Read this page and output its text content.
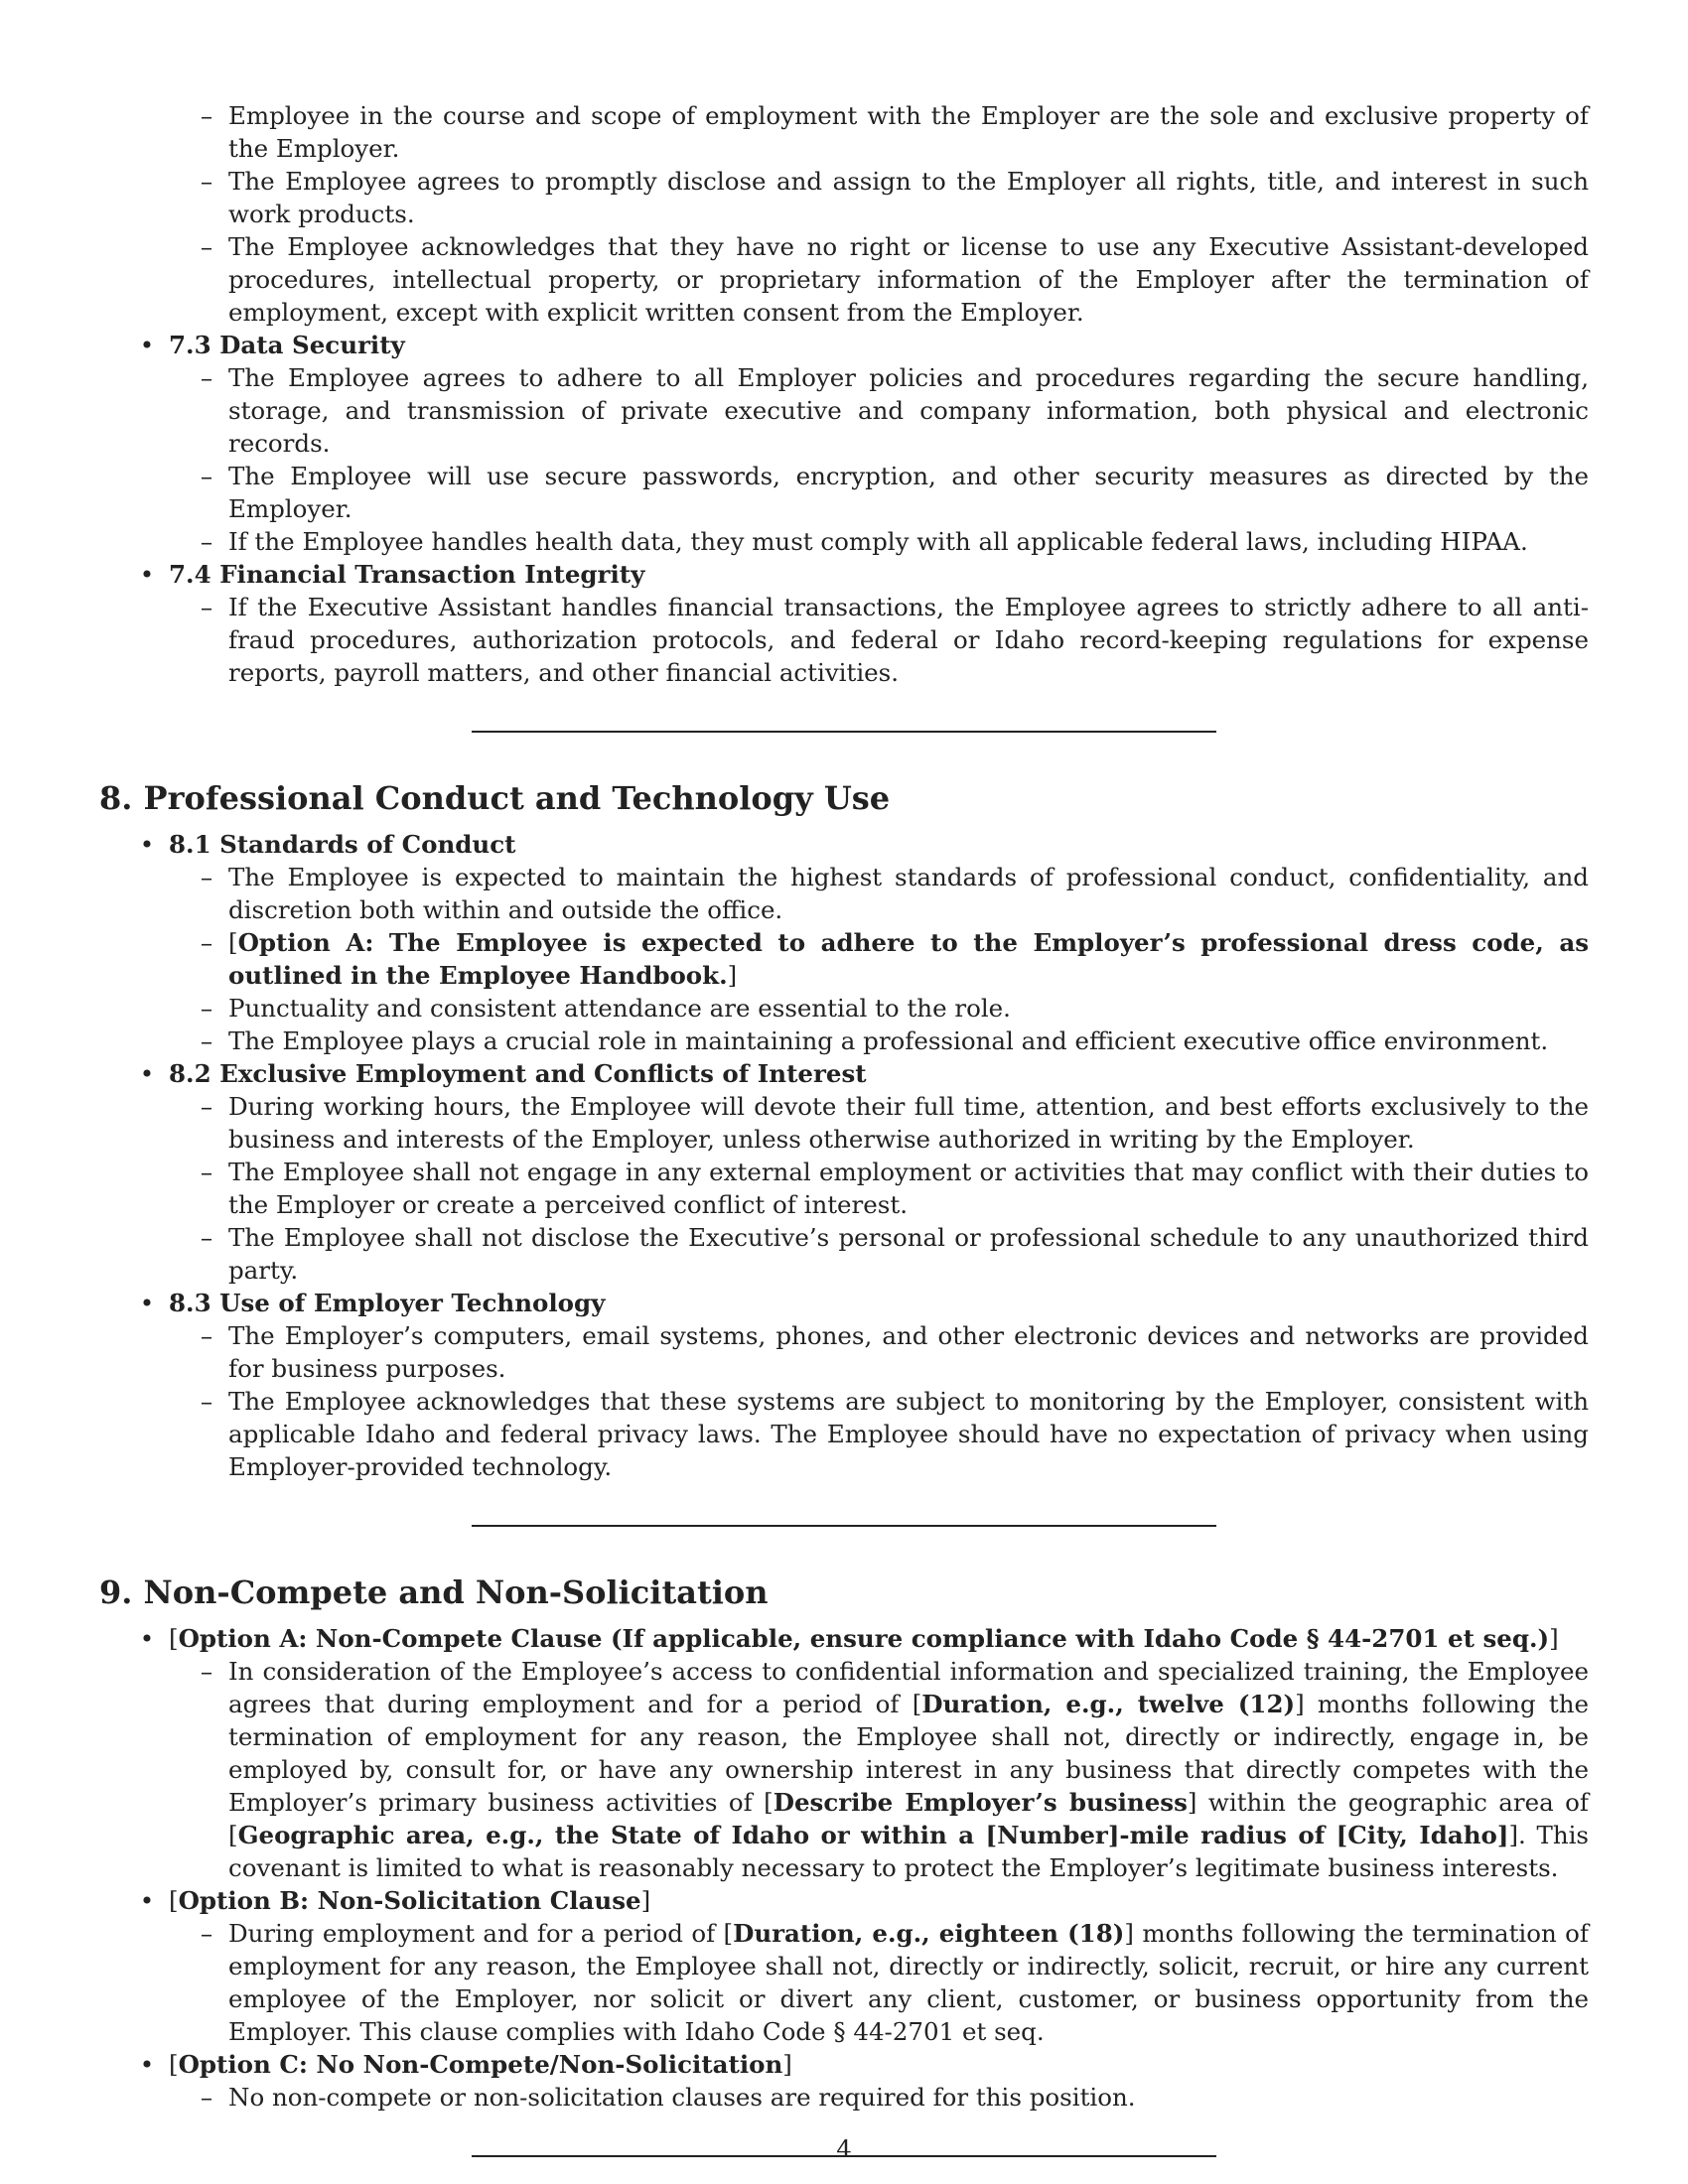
– Employee in the course and scope of employment with the Employer are the sole and exclusive property of the Employer.
– The Employee agrees to promptly disclose and assign to the Employer all rights, title, and interest in such work products.
– The Employee acknowledges that they have no right or license to use any Executive Assistant-developed procedures, intellectual property, or proprietary information of the Employer after the termination of employment, except with explicit written consent from the Employer.
• 7.3 Data Security
– The Employee agrees to adhere to all Employer policies and procedures regarding the secure handling, storage, and transmission of private executive and company information, both physical and electronic records.
– The Employee will use secure passwords, encryption, and other security measures as directed by the Employer.
– If the Employee handles health data, they must comply with all applicable federal laws, including HIPAA.
• 7.4 Financial Transaction Integrity
– If the Executive Assistant handles financial transactions, the Employee agrees to strictly adhere to all anti-fraud procedures, authorization protocols, and federal or Idaho record-keeping regulations for expense reports, payroll matters, and other financial activities.
8. Professional Conduct and Technology Use
• 8.1 Standards of Conduct
– The Employee is expected to maintain the highest standards of professional conduct, confidentiality, and discretion both within and outside the office.
– [Option A: The Employee is expected to adhere to the Employer’s professional dress code, as outlined in the Employee Handbook.]
– Punctuality and consistent attendance are essential to the role.
– The Employee plays a crucial role in maintaining a professional and efficient executive office environment.
• 8.2 Exclusive Employment and Conflicts of Interest
– During working hours, the Employee will devote their full time, attention, and best efforts exclusively to the business and interests of the Employer, unless otherwise authorized in writing by the Employer.
– The Employee shall not engage in any external employment or activities that may conflict with their duties to the Employer or create a perceived conflict of interest.
– The Employee shall not disclose the Executive’s personal or professional schedule to any unauthorized third party.
• 8.3 Use of Employer Technology
– The Employer’s computers, email systems, phones, and other electronic devices and networks are provided for business purposes.
– The Employee acknowledges that these systems are subject to monitoring by the Employer, consistent with applicable Idaho and federal privacy laws. The Employee should have no expectation of privacy when using Employer-provided technology.
9. Non-Compete and Non-Solicitation
• [Option A: Non-Compete Clause (If applicable, ensure compliance with Idaho Code § 44-2701 et seq.)]
– In consideration of the Employee’s access to confidential information and specialized training, the Employee agrees that during employment and for a period of [Duration, e.g., twelve (12)] months following the termination of employment for any reason, the Employee shall not, directly or indirectly, engage in, be employed by, consult for, or have any ownership interest in any business that directly competes with the Employer’s primary business activities of [Describe Employer’s business] within the geographic area of [Geographic area, e.g., the State of Idaho or within a [Number]-mile radius of [City, Idaho]]. This covenant is limited to what is reasonably necessary to protect the Employer’s legitimate business interests.
• [Option B: Non-Solicitation Clause]
– During employment and for a period of [Duration, e.g., eighteen (18)] months following the termination of employment for any reason, the Employee shall not, directly or indirectly, solicit, recruit, or hire any current employee of the Employer, nor solicit or divert any client, customer, or business opportunity from the Employer. This clause complies with Idaho Code § 44-2701 et seq.
• [Option C: No Non-Compete/Non-Solicitation]
– No non-compete or non-solicitation clauses are required for this position.
4
